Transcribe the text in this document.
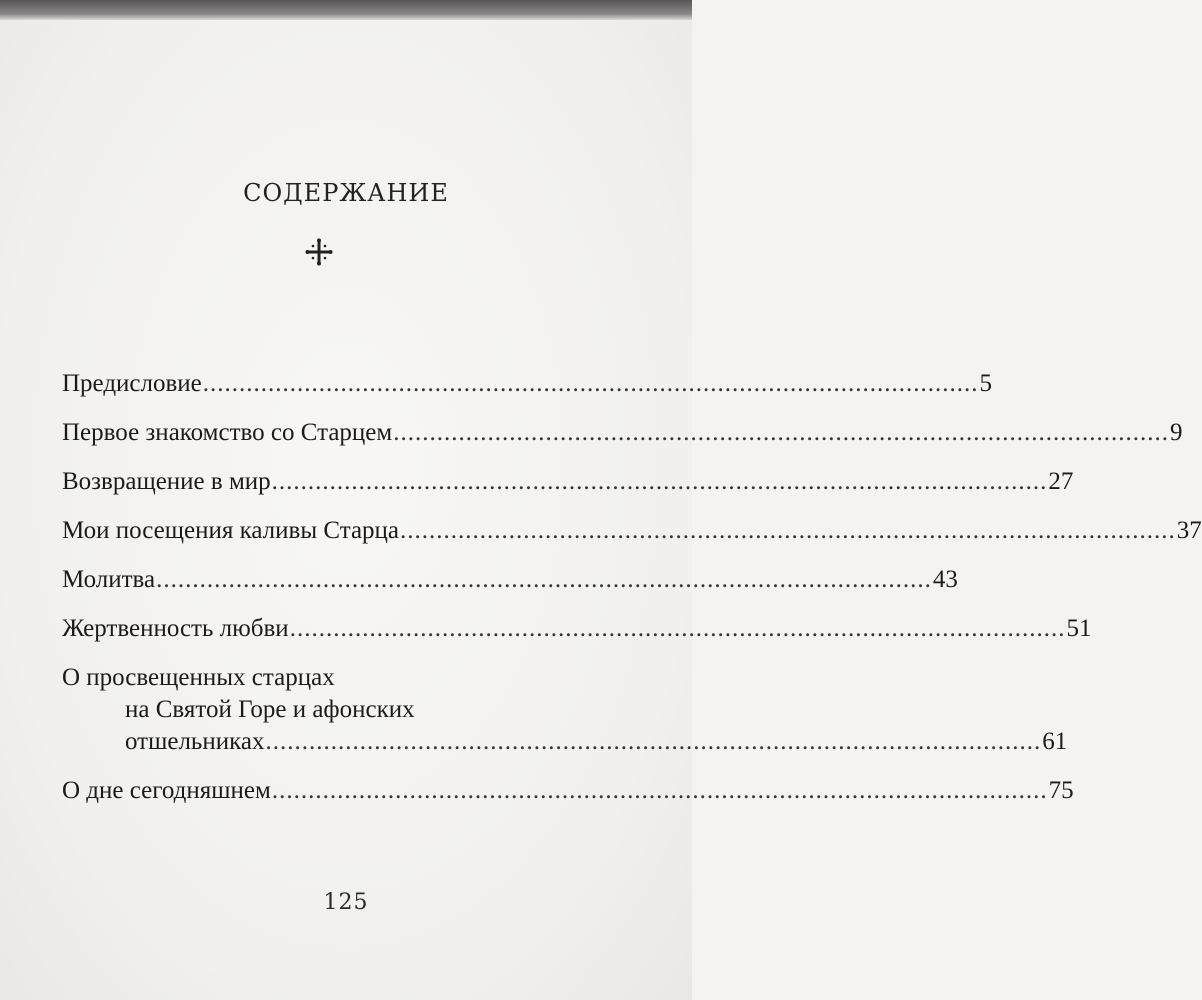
содержание
Предисловие ........................................................................................................... 5
Первое знакомство со Старцем ........................................................................................................... 9
Возвращение в мир ........................................................................................................... 27
Мои посещения каливы Старца ........................................................................................................... 37
Молитва ........................................................................................................... 43
Жертвенность любви ........................................................................................................... 51
О просвещенных старцах
на Святой Горе и афонских
отшельниках ........................................................................................................... 61
О дне сегодняшнем ........................................................................................................... 75
125
